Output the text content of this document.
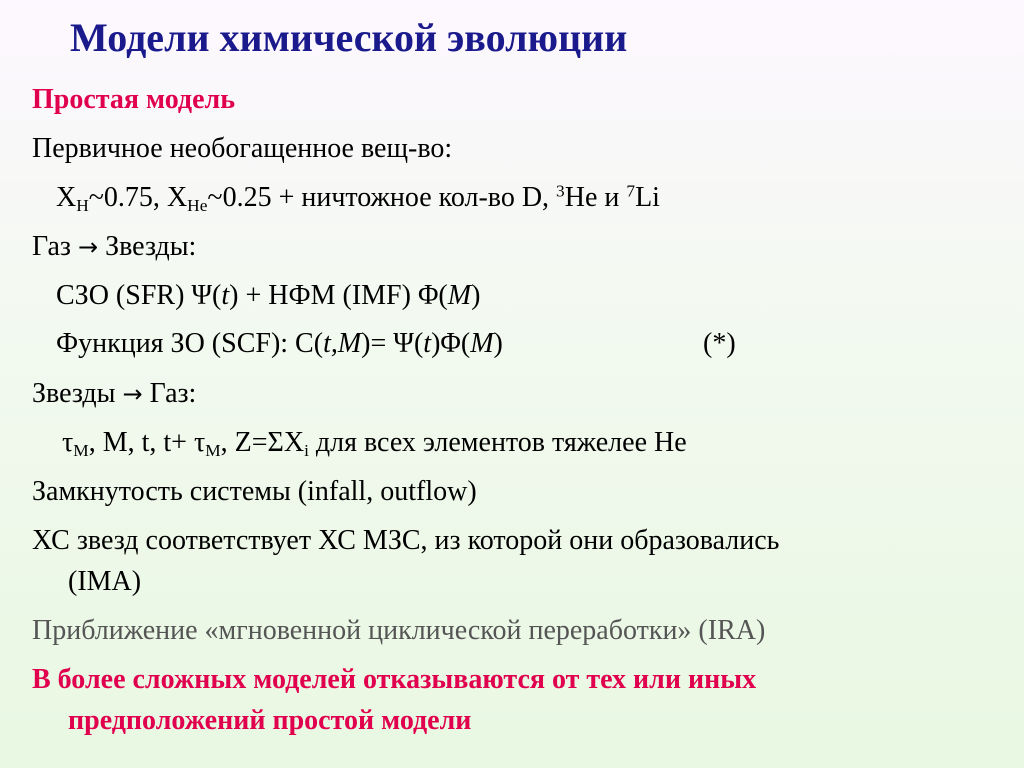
Модели химической эволюции
Простая модель
Первичное необогащенное вещ-во:
$X_H\sim 0.75$, $X_{He}\sim 0.25$ + ничтожное кол-во D, $^3$He и $^7$Li
Газ → Звезды:
СЗО (SFR) Ψ(t) + НФМ (IMF) Φ(M)
Функция ЗО (SCF): C(t,M)= Ψ(t)Φ(M)	(*)
Звезды → Газ:
$\tau_M$, M, t, $t+ \tau_M$, $Z=\Sigma X_i$ для всех элементов тяжелее He
Замкнутость системы (infall, outflow)
ХС звезд соответствует ХС МЗС, из которой они образовались
(IMA)
Приближение «мгновенной циклической переработки» (IRA)
В более сложных моделей отказываются от тех или иных
предположений простой модели
